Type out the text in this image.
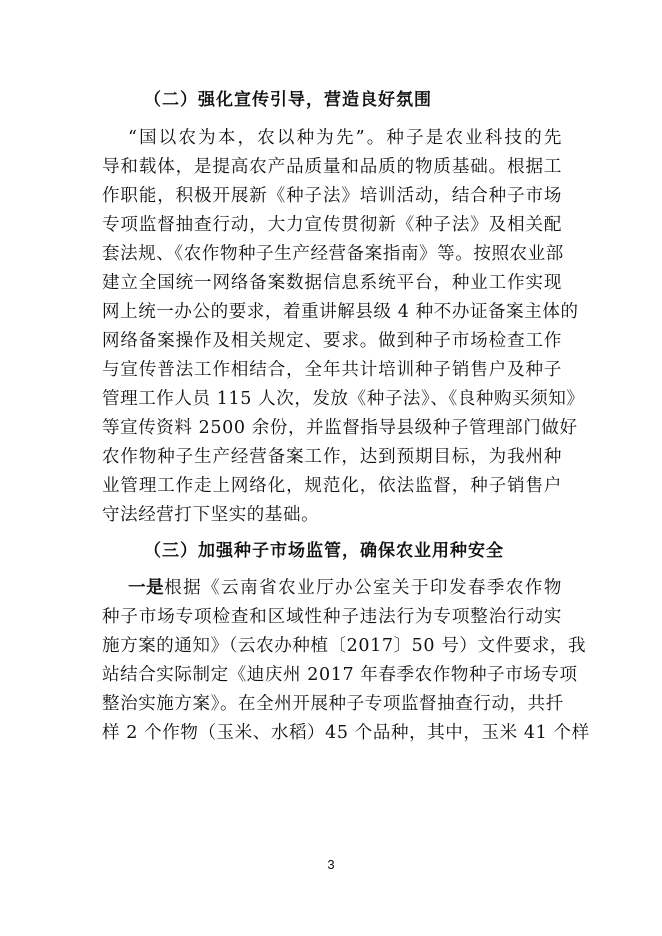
（二）强化宣传引导，营造良好氛围

“国以农为本，农以种为先”。种子是农业科技的先

导和载体，是提高农产品质量和品质的物质基础。根据工

作职能，积极开展新《种子法》培训活动，结合种子市场

专项监督抽查行动，大力宣传贯彻新《种子法》及相关配

套法规、《农作物种子生产经营备案指南》等。按照农业部

建立全国统一网络备案数据信息系统平台，种业工作实现

网上统一办公的要求，着重讲解县级 4 种不办证备案主体的

网络备案操作及相关规定、要求。做到种子市场检查工作

与宣传普法工作相结合，全年共计培训种子销售户及种子

管理工作人员 115 人次，发放《种子法》、《良种购买须知》

等宣传资料 2500 余份，并监督指导县级种子管理部门做好

农作物种子生产经营备案工作，达到预期目标，为我州种

业管理工作走上网络化，规范化，依法监督，种子销售户

守法经营打下坚实的基础。

（三）加强种子市场监管，确保农业用种安全

一是 根据《云南省农业厅办公室关于印发春季农作物

种子市场专项检查和区域性种子违法行为专项整治行动实

施方案的通知》（云农办种植〔2017〕50 号）文件要求，我

站结合实际制定《迪庆州 2017 年春季农作物种子市场专项

整治实施方案》。在全州开展种子专项监督抽查行动，共扦

样 2 个作物（玉米、水稻）45 个品种，其中，玉米 41 个样

3
